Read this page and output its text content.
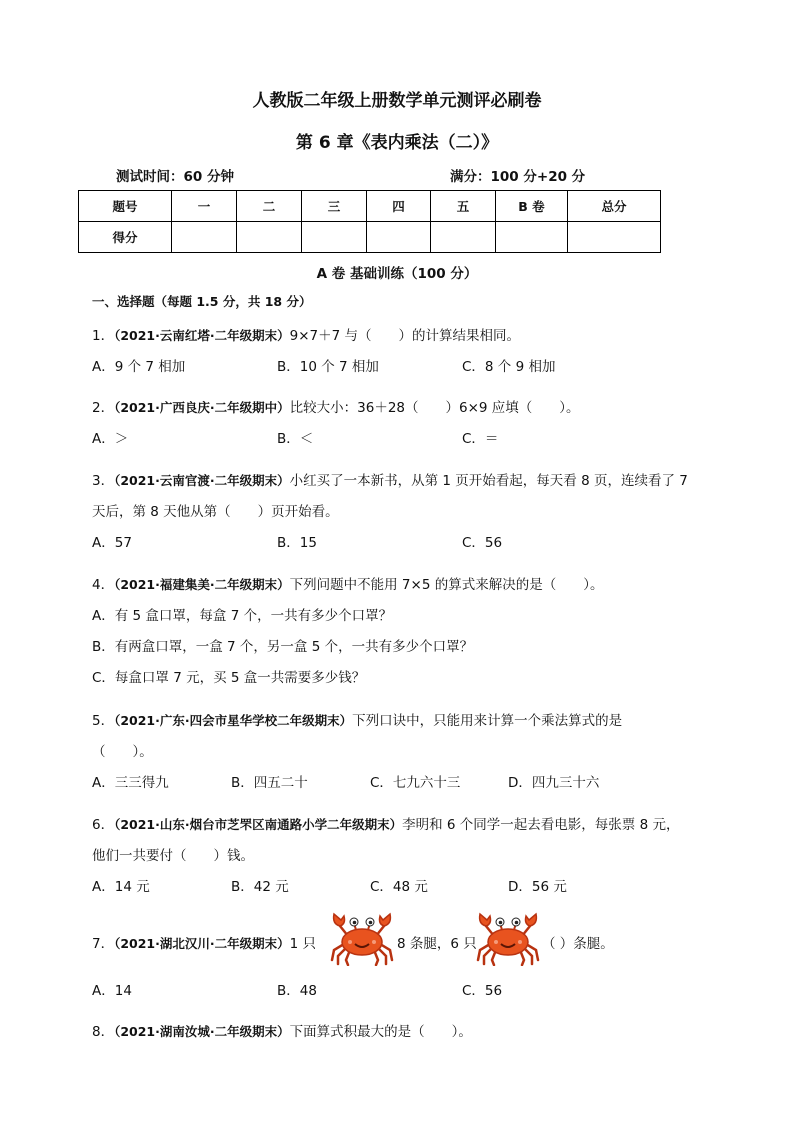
人教版二年级上册数学单元测评必刷卷
第 6 章《表内乘法（二）》
测试时间：60 分钟	满分：100 分+20 分
题号	一	二	三	四	五	B 卷	总分
得分							
A 卷 基础训练（100 分）
一、选择题（每题 1.5 分，共 18 分）
1．（2021·云南红塔·二年级期末）9×7＋7 与（　　）的计算结果相同。
A．9 个 7 相加	B．10 个 7 相加	C．8 个 9 相加
2．（2021·广西良庆·二年级期中）比较大小：36＋28（　　）6×9 应填（　　）。
A．＞	B．＜	C．＝
3．（2021·云南官渡·二年级期末）小红买了一本新书，从第 1 页开始看起，每天看 8 页，连续看了 7
天后，第 8 天他从第（　　）页开始看。
A．57	B．15	C．56
4．（2021·福建集美·二年级期末）下列问题中不能用 7×5 的算式来解决的是（　　）。
A．有 5 盒口罩，每盒 7 个，一共有多少个口罩？
B．有两盒口罩，一盒 7 个，另一盒 5 个，一共有多少个口罩？
C．每盒口罩 7 元，买 5 盒一共需要多少钱？
5．（2021·广东·四会市星华学校二年级期末）下列口诀中，只能用来计算一个乘法算式的是
（　　）。
A．三三得九	B．四五二十	C．七九六十三	D．四九三十六
6．（2021·山东·烟台市芝罘区南通路小学二年级期末）李明和 6 个同学一起去看电影，每张票 8 元，
他们一共要付（　　）钱。
A．14 元	B．42 元	C．48 元	D．56 元
7．（2021·湖北汉川·二年级期末）1 只	8 条腿，6 只	（ ）条腿。
A．14	B．48	C．56
8．（2021·湖南汝城·二年级期末）下面算式积最大的是（　　）。
